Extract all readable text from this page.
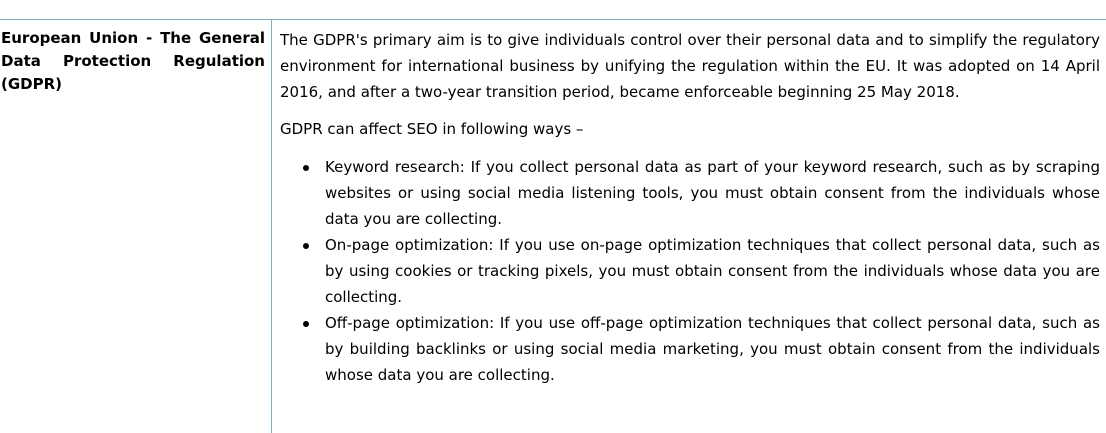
European Union - The General Data Protection Regulation (GDPR)

The GDPR's primary aim is to give individuals control over their personal data and to simplify the regulatory environment for international business by unifying the regulation within the EU. It was adopted on 14 April 2016, and after a two-year transition period, became enforceable beginning 25 May 2018.

GDPR can affect SEO in following ways –

Keyword research: If you collect personal data as part of your keyword research, such as by scraping websites or using social media listening tools, you must obtain consent from the individuals whose data you are collecting.
On-page optimization: If you use on-page optimization techniques that collect personal data, such as by using cookies or tracking pixels, you must obtain consent from the individuals whose data you are collecting.
Off-page optimization: If you use off-page optimization techniques that collect personal data, such as by building backlinks or using social media marketing, you must obtain consent from the individuals whose data you are collecting.
